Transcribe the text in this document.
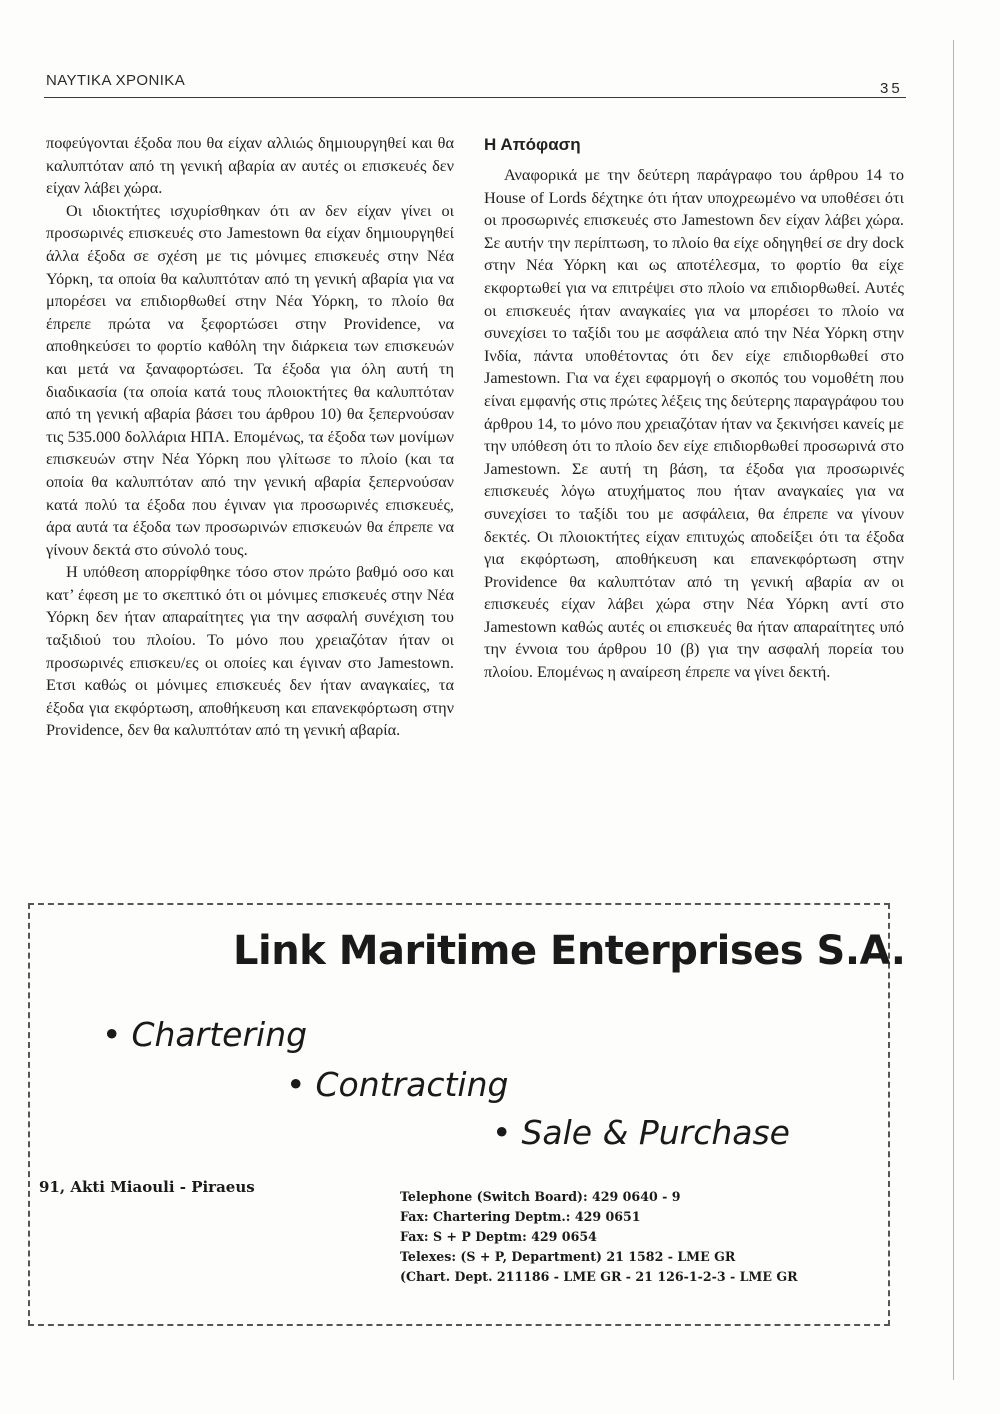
ΝΑΥΤΙΚΑ ΧΡΟΝΙΚΑ	35

ποφεύγονται έξοδα που θα είχαν αλλιώς δημιουργηθεί και θα καλυπτόταν από τη γενική αβαρία αν αυτές οι επισκευές δεν είχαν λάβει χώρα.

Οι ιδιοκτήτες ισχυρίσθηκαν ότι αν δεν είχαν γίνει οι προσωρινές επισκευές στο Jamestown θα είχαν δημιουργηθεί άλλα έξοδα σε σχέση με τις μόνιμες επισκευές στην Νέα Υόρκη, τα οποία θα καλυπτόταν από τη γενική αβαρία για να μπορέσει να επιδιορθωθεί στην Νέα Υόρκη, το πλοίο θα έπρεπε πρώτα να ξεφορτώσει στην Providence, να αποθηκεύσει το φορτίο καθόλη την διάρκεια των επισκευών και μετά να ξαναφορτώσει. Τα έξοδα για όλη αυτή τη διαδικασία (τα οποία κατά τους πλοιοκτήτες θα καλυπτόταν από τη γενική αβαρία βάσει του άρθρου 10) θα ξεπερνούσαν τις 535.000 δολλάρια ΗΠΑ. Επομένως, τα έξοδα των μονίμων επισκευών στην Νέα Υόρκη που γλίτωσε το πλοίο (και τα οποία θα καλυπτόταν από την γενική αβαρία ξεπερνούσαν κατά πολύ τα έξοδα που έγιναν για προσωρινές επισκευές, άρα αυτά τα έξοδα των προσωρινών επισκευών θα έπρεπε να γίνουν δεκτά στο σύνολό τους.

Η υπόθεση απορρίφθηκε τόσο στον πρώτο βαθμό οσο και κατ’ έφεση με το σκεπτικό ότι οι μόνιμες επισκευές στην Νέα Υόρκη δεν ήταν απαραίτητες για την ασφαλή συνέχιση του ταξιδιού του πλοίου. Το μόνο που χρειαζόταν ήταν οι προσωρινές επισκευ/ες οι οποίες και έγιναν στο Jamestown. Ετσι καθώς οι μόνιμες επισκευές δεν ήταν αναγκαίες, τα έξοδα για εκφόρτωση, αποθήκευση και επανεκφόρτωση στην Providence, δεν θα καλυπτόταν από τη γενική αβαρία.

Η Απόφαση

Αναφορικά με την δεύτερη παράγραφο του άρθρου 14 το House of Lords δέχτηκε ότι ήταν υποχρεωμένο να υποθέσει ότι οι προσωρινές επισκευές στο Jamestown δεν είχαν λάβει χώρα. Σε αυτήν την περίπτωση, το πλοίο θα είχε οδηγηθεί σε dry dock στην Νέα Υόρκη και ως αποτέλεσμα, το φορτίο θα είχε εκφορτωθεί για να επιτρέψει στο πλοίο να επιδιορθωθεί. Αυτές οι επισκευές ήταν αναγκαίες για να μπορέσει το πλοίο να συνεχίσει το ταξίδι του με ασφάλεια από την Νέα Υόρκη στην Ινδία, πάντα υποθέτοντας ότι δεν είχε επιδιορθωθεί στο Jamestown. Για να έχει εφαρμογή ο σκοπός του νομοθέτη που είναι εμφανής στις πρώτες λέξεις της δεύτερης παραγράφου του άρθρου 14, το μόνο που χρειαζόταν ήταν να ξεκινήσει κανείς με την υπόθεση ότι το πλοίο δεν είχε επιδιορθωθεί προσωρινά στο Jamestown. Σε αυτή τη βάση, τα έξοδα για προσωρινές επισκευές λόγω ατυχήματος που ήταν αναγκαίες για να συνεχίσει το ταξίδι του με ασφάλεια, θα έπρεπε να γίνουν δεκτές. Οι πλοιοκτήτες είχαν επιτυχώς αποδείξει ότι τα έξοδα για εκφόρτωση, αποθήκευση και επανεκφόρτωση στην Providence θα καλυπτόταν από τη γενική αβαρία αν οι επισκευές είχαν λάβει χώρα στην Νέα Υόρκη αντί στο Jamestown καθώς αυτές οι επισκευές θα ήταν απαραίτητες υπό την έννοια του άρθρου 10 (β) για την ασφαλή πορεία του πλοίου. Επομένως η αναίρεση έπρεπε να γίνει δεκτή.

Link Maritime Enterprises S.A.
• Chartering
• Contracting
• Sale & Purchase
91, Akti Miaouli - Piraeus
Telephone (Switch Board): 429 0640 - 9
Fax: Chartering Deptm.: 429 0651
Fax: S + P Deptm: 429 0654
Telexes: (S + P, Department) 21 1582 - LME GR
(Chart. Dept. 211186 - LME GR - 21 126-1-2-3 - LME GR
